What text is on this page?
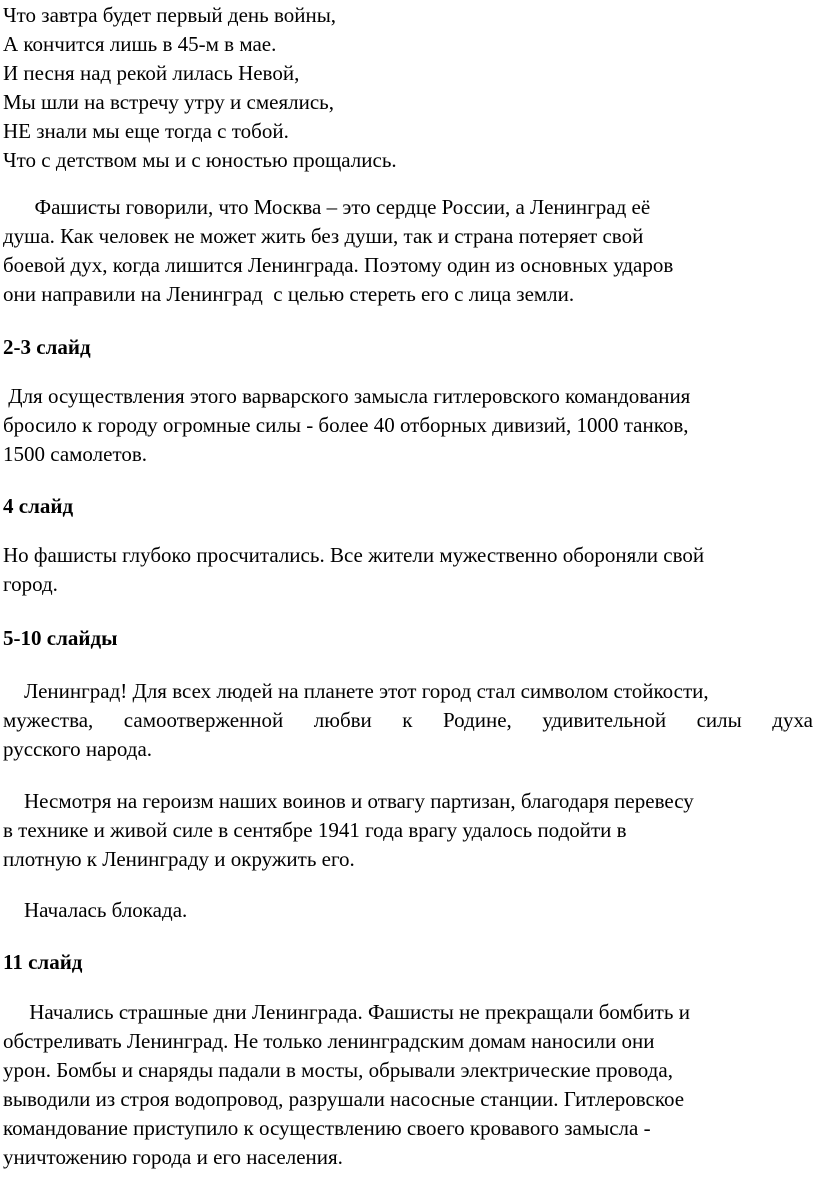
Что завтра будет первый день войны,
А кончится лишь в 45-м в мае.
И песня над рекой лилась Невой,
Мы шли на встречу утру и смеялись,
НЕ знали мы еще тогда с тобой.
Что с детством мы и с юностью прощались.
Фашисты говорили, что Москва – это сердце России, а Ленинград её
душа. Как человек не может жить без души, так и страна потеряет свой
боевой дух, когда лишится Ленинграда. Поэтому один из основных ударов
они направили на Ленинград  с целью стереть его с лица земли.
2-3 слайд
Для осуществления этого варварского замысла гитлеровского командования
бросило к городу огромные силы - более 40 отборных дивизий, 1000 танков,
1500 самолетов.
4 слайд
Но фашисты глубоко просчитались. Все жители мужественно обороняли свой
город.
5-10 слайды
Ленинград! Для всех людей на планете этот город стал символом стойкости,
мужества, самоотверженной любви к Родине, удивительной силы духа
русского народа.
Несмотря на героизм наших воинов и отвагу партизан, благодаря перевесу
в технике и живой силе в сентябре 1941 года врагу удалось подойти в
плотную к Ленинграду и окружить его.
Началась блокада.
11 слайд
Начались страшные дни Ленинграда. Фашисты не прекращали бомбить и
обстреливать Ленинград. Не только ленинградским домам наносили они
урон. Бомбы и снаряды падали в мосты, обрывали электрические провода,
выводили из строя водопровод, разрушали насосные станции. Гитлеровское
командование приступило к осуществлению своего кровавого замысла -
уничтожению города и его населения.
